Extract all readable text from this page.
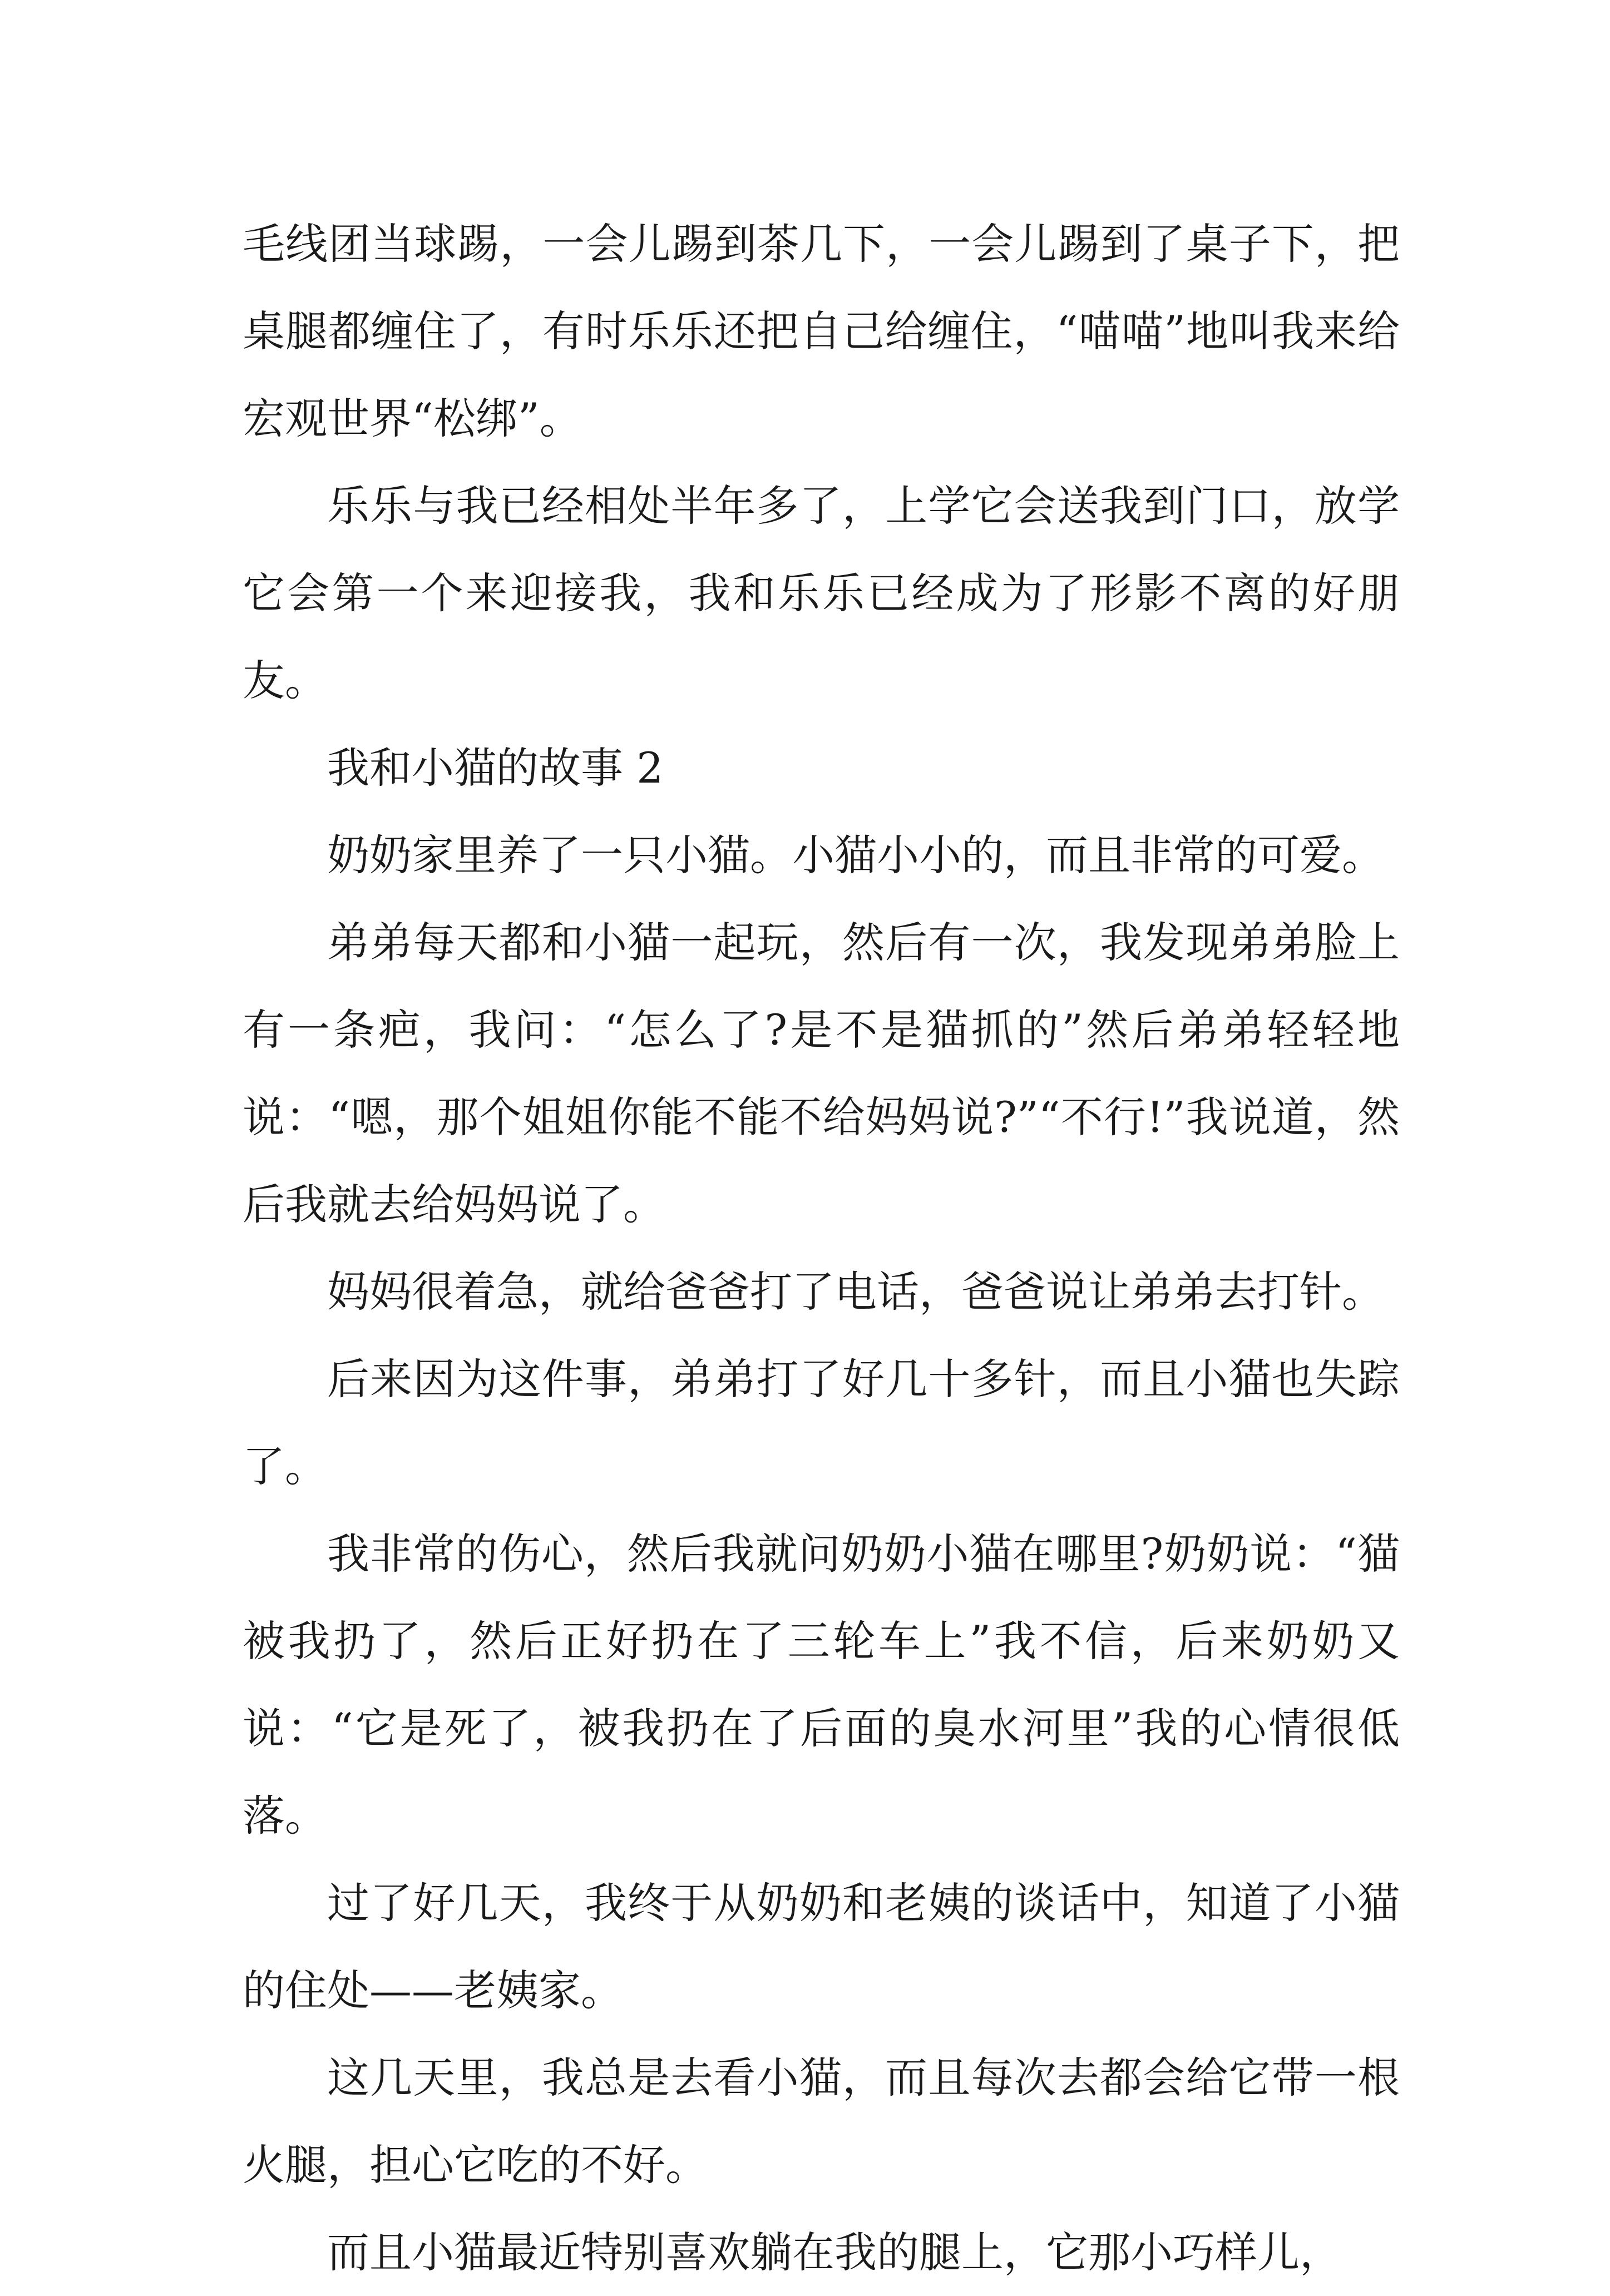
毛线团当球踢，一会儿踢到茶几下，一会儿踢到了桌子下，把桌腿都缠住了，有时乐乐还把自己给缠住，“喵喵”地叫我来给宏观世界“松绑”。

乐乐与我已经相处半年多了，上学它会送我到门口，放学它会第一个来迎接我，我和乐乐已经成为了形影不离的好朋友。

我和小猫的故事 2

奶奶家里养了一只小猫。小猫小小的，而且非常的可爱。

弟弟每天都和小猫一起玩，然后有一次，我发现弟弟脸上有一条疤，我问：“怎么了?是不是猫抓的”然后弟弟轻轻地说：“嗯，那个姐姐你能不能不给妈妈说?”“不行!”我说道，然后我就去给妈妈说了。

妈妈很着急，就给爸爸打了电话，爸爸说让弟弟去打针。

后来因为这件事，弟弟打了好几十多针，而且小猫也失踪了。

我非常的伤心，然后我就问奶奶小猫在哪里?奶奶说：“猫被我扔了，然后正好扔在了三轮车上”我不信，后来奶奶又说：“它是死了，被我扔在了后面的臭水河里”我的心情很低落。

过了好几天，我终于从奶奶和老姨的谈话中，知道了小猫的住处——老姨家。

这几天里，我总是去看小猫，而且每次去都会给它带一根火腿，担心它吃的不好。

而且小猫最近特别喜欢躺在我的腿上，它那小巧样儿，
